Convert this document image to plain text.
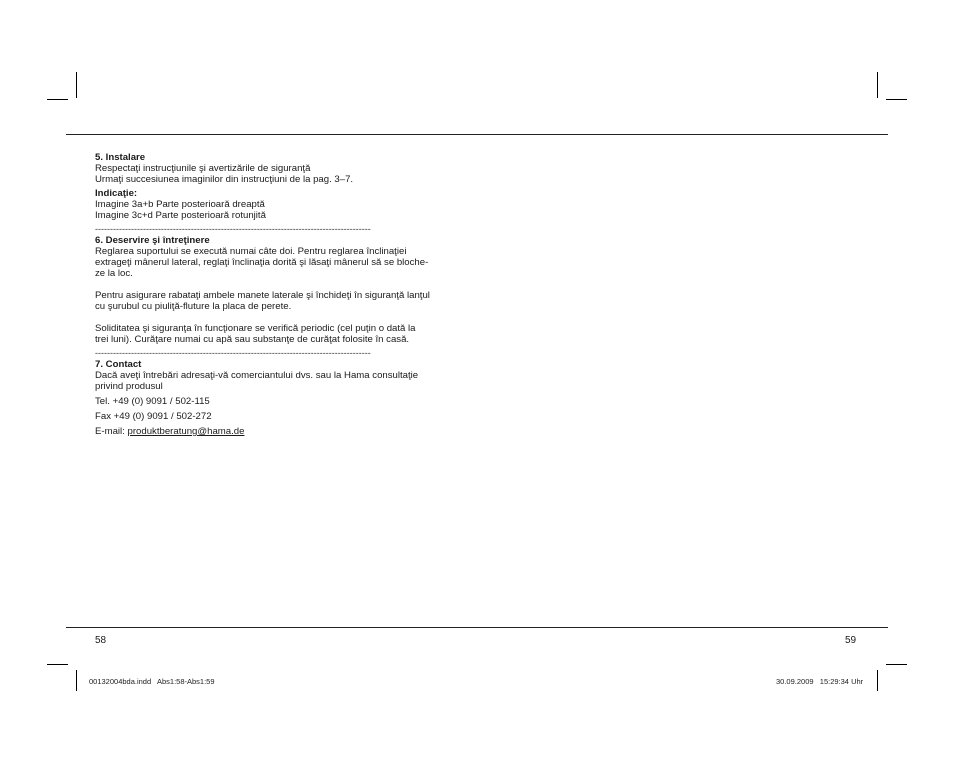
5. Instalare

Respectaţi instrucţiunile şi avertizările de siguranţă

Urmaţi succesiunea imaginilor din instrucţiuni de la pag. 3–7.

Indicaţie:

Imagine 3a+b Parte posterioară dreaptă

Imagine 3c+d Parte posterioară rotunjită

--------------------------------------------------------------------------------------------

6. Deservire şi întreţinere

Reglarea suportului se execută numai câte doi. Pentru reglarea înclinaţiei

extrageţi mânerul lateral, reglaţi înclinaţia dorită şi lăsaţi mânerul să se bloche-

ze la loc.

Pentru asigurare rabataţi ambele manete laterale şi închideţi în siguranţă lanţul

cu şurubul cu piuliţă-fluture la placa de perete.

Soliditatea şi siguranţa în funcţionare se verifică periodic (cel puţin o dată la

trei luni). Curăţare numai cu apă sau substanţe de curăţat folosite în casă.

--------------------------------------------------------------------------------------------

7. Contact

Dacă aveţi întrebări adresaţi-vă comerciantului dvs. sau la Hama consultaţie

privind produsul

Tel. +49 (0) 9091 / 502-115

Fax +49 (0) 9091 / 502-272

E-mail: produktberatung@hama.de

58	59
00132004bda.indd   Abs1:58-Abs1:59	30.09.2009   15:29:34 Uhr
